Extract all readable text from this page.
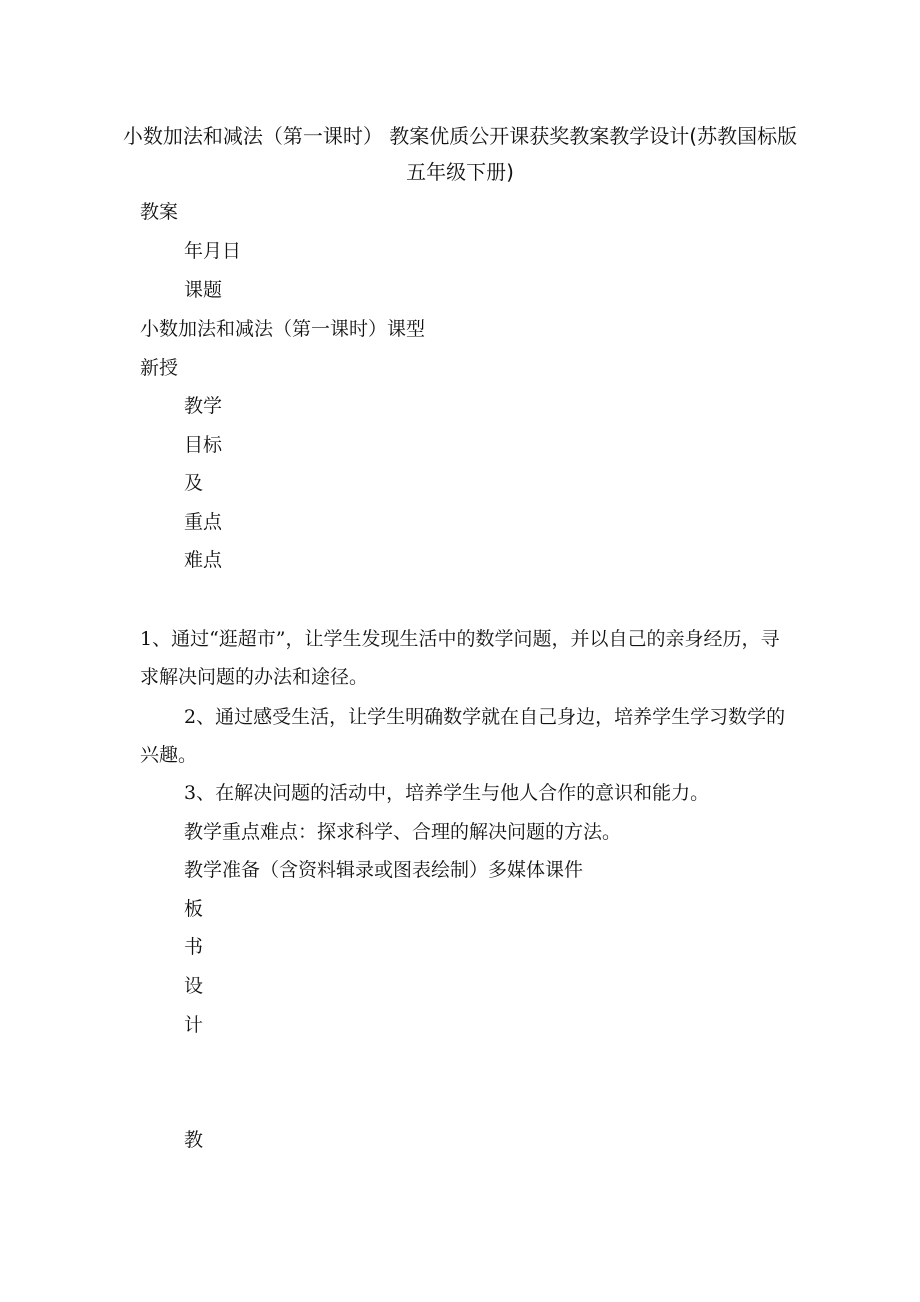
小数加法和减法（第一课时） 教案优质公开课获奖教案教学设计(苏教国标版五年级下册)

教案

年月日

课题

小数加法和减法（第一课时）课型

新授

教学

目标

及

重点

难点

1、通过“逛超市”，让学生发现生活中的数学问题，并以自己的亲身经历，寻求解决问题的办法和途径。

2、通过感受生活，让学生明确数学就在自己身边，培养学生学习数学的兴趣。

3、在解决问题的活动中，培养学生与他人合作的意识和能力。

教学重点难点：探求科学、合理的解决问题的方法。

教学准备（含资料辑录或图表绘制）多媒体课件

板

书

设

计

教
